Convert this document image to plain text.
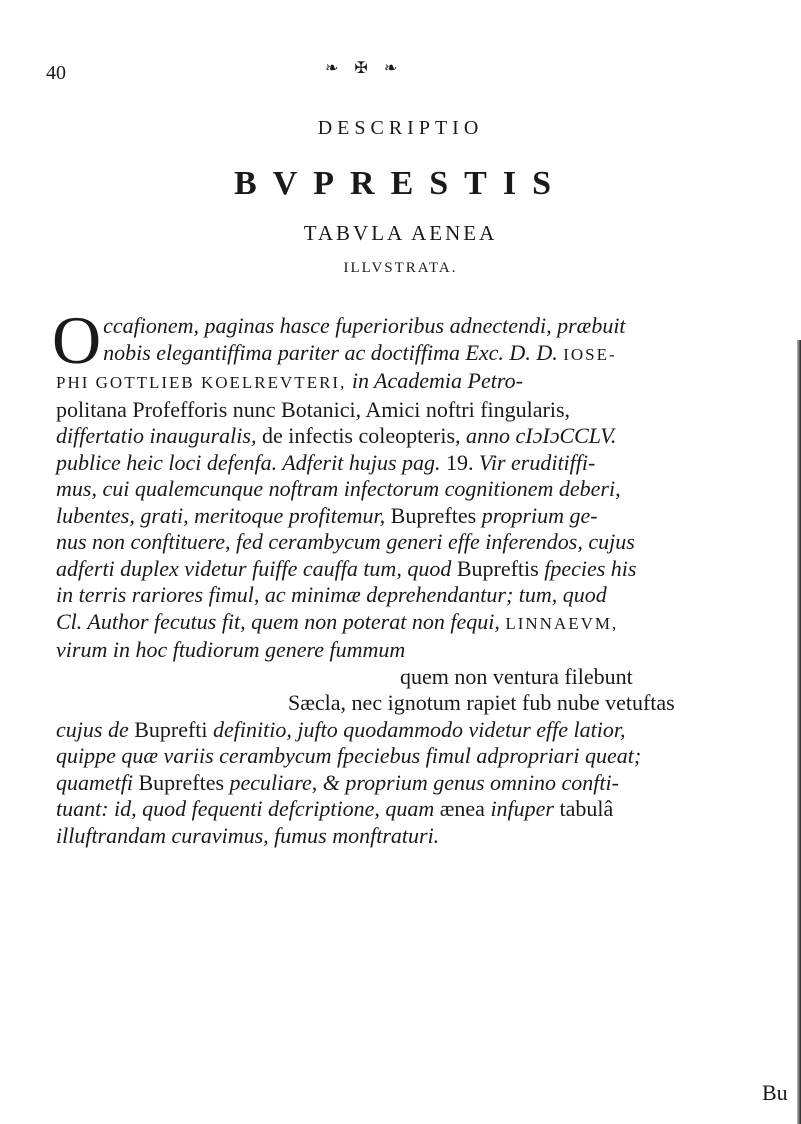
40	❧ ✠ ❧
DESCRIPTIO
BVPRESTIS
TABVLA AENEA
ILLVSTRATA.

Occafionem, paginas hasce fuperioribus adnectendi, præbuit

nobis elegantiffima pariter ac doctiffima Exc. D. D. IOSE-

PHI GOTTLIEB KOELREVTERI, in Academia Petro-

politana Profefforis nunc Botanici, Amici noftri fingularis,

differtatio inauguralis, de infectis coleopteris, anno cIɔIɔCCLV.

publice heic loci defenfa. Adferit hujus pag. 19. Vir eruditiffi-

mus, cui qualemcunque noftram infectorum cognitionem deberi,

lubentes, grati, meritoque profitemur, Bupreftes proprium ge-

nus non conftituere, fed cerambycum generi effe inferendos, cujus

adferti duplex videtur fuiffe cauffa tum, quod Bupreftis fpecies his

in terris rariores fimul, ac minimæ deprehendantur; tum, quod

Cl. Author fecutus fit, quem non poterat non fequi, LINNAEVM,

virum in hoc ftudiorum genere fummum

quem non ventura filebunt

Sæcla, nec ignotum rapiet fub nube vetuftas

cujus de Buprefti definitio, jufto quodammodo videtur effe latior,

quippe quæ variis cerambycum fpeciebus fimul adpropriari queat;

quametfi Bupreftes peculiare, & proprium genus omnino confti-

tuant: id, quod fequenti defcriptione, quam ænea infuper tabulâ

illuftrandam curavimus, fumus monftraturi.

Bu
